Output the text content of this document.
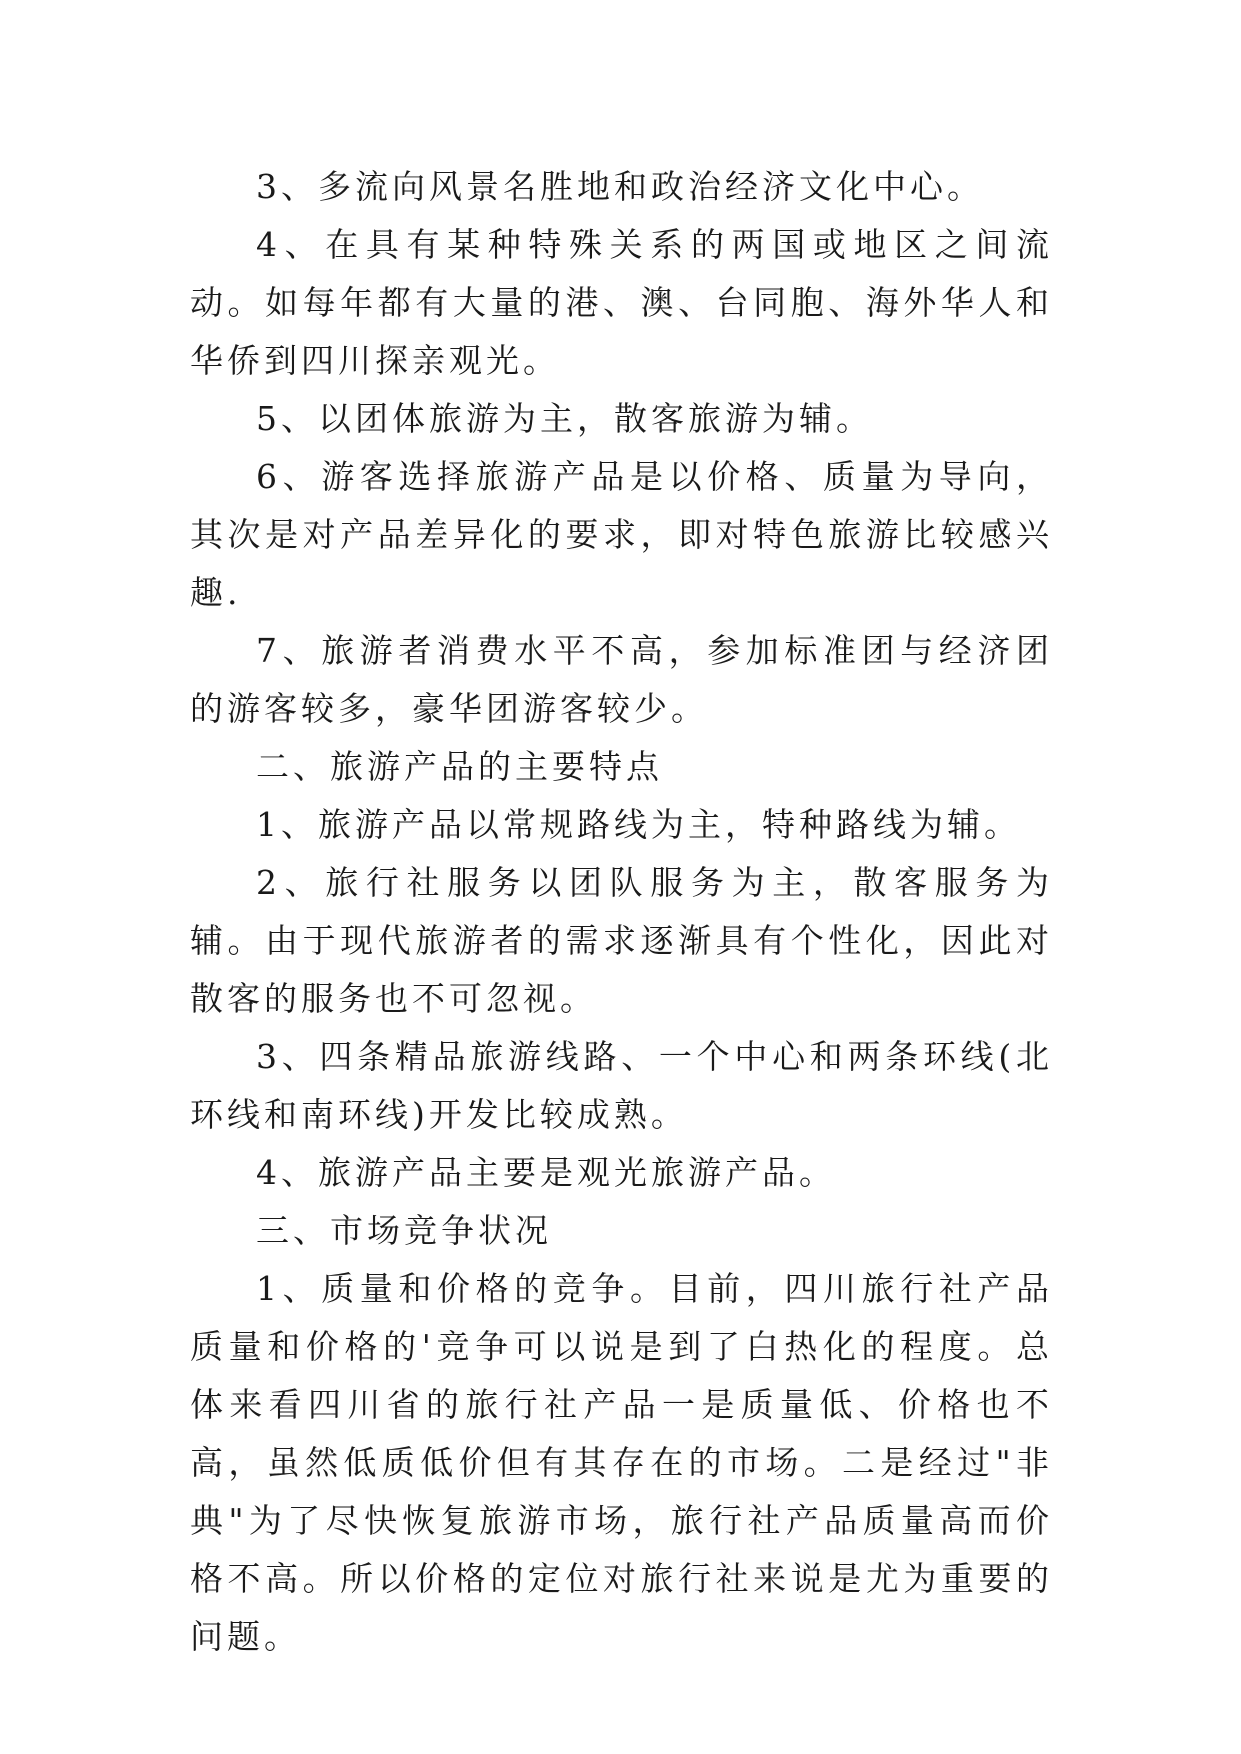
3、多流向风景名胜地和政治经济文化中心。

4、在具有某种特殊关系的两国或地区之间流动。如每年都有大量的港、澳、台同胞、海外华人和华侨到四川探亲观光。

5、以团体旅游为主，散客旅游为辅。

6、游客选择旅游产品是以价格、质量为导向，其次是对产品差异化的要求，即对特色旅游比较感兴趣.

7、旅游者消费水平不高，参加标准团与经济团的游客较多，豪华团游客较少。

二、旅游产品的主要特点

1、旅游产品以常规路线为主，特种路线为辅。

2、旅行社服务以团队服务为主，散客服务为辅。由于现代旅游者的需求逐渐具有个性化，因此对散客的服务也不可忽视。

3、四条精品旅游线路、一个中心和两条环线(北环线和南环线)开发比较成熟。

4、旅游产品主要是观光旅游产品。

三、市场竞争状况

1、质量和价格的竞争。目前，四川旅行社产品质量和价格的'竞争可以说是到了白热化的程度。总体来看四川省的旅行社产品一是质量低、价格也不高，虽然低质低价但有其存在的市场。二是经过"非典"为了尽快恢复旅游市场，旅行社产品质量高而价格不高。所以价格的定位对旅行社来说是尤为重要的问题。
